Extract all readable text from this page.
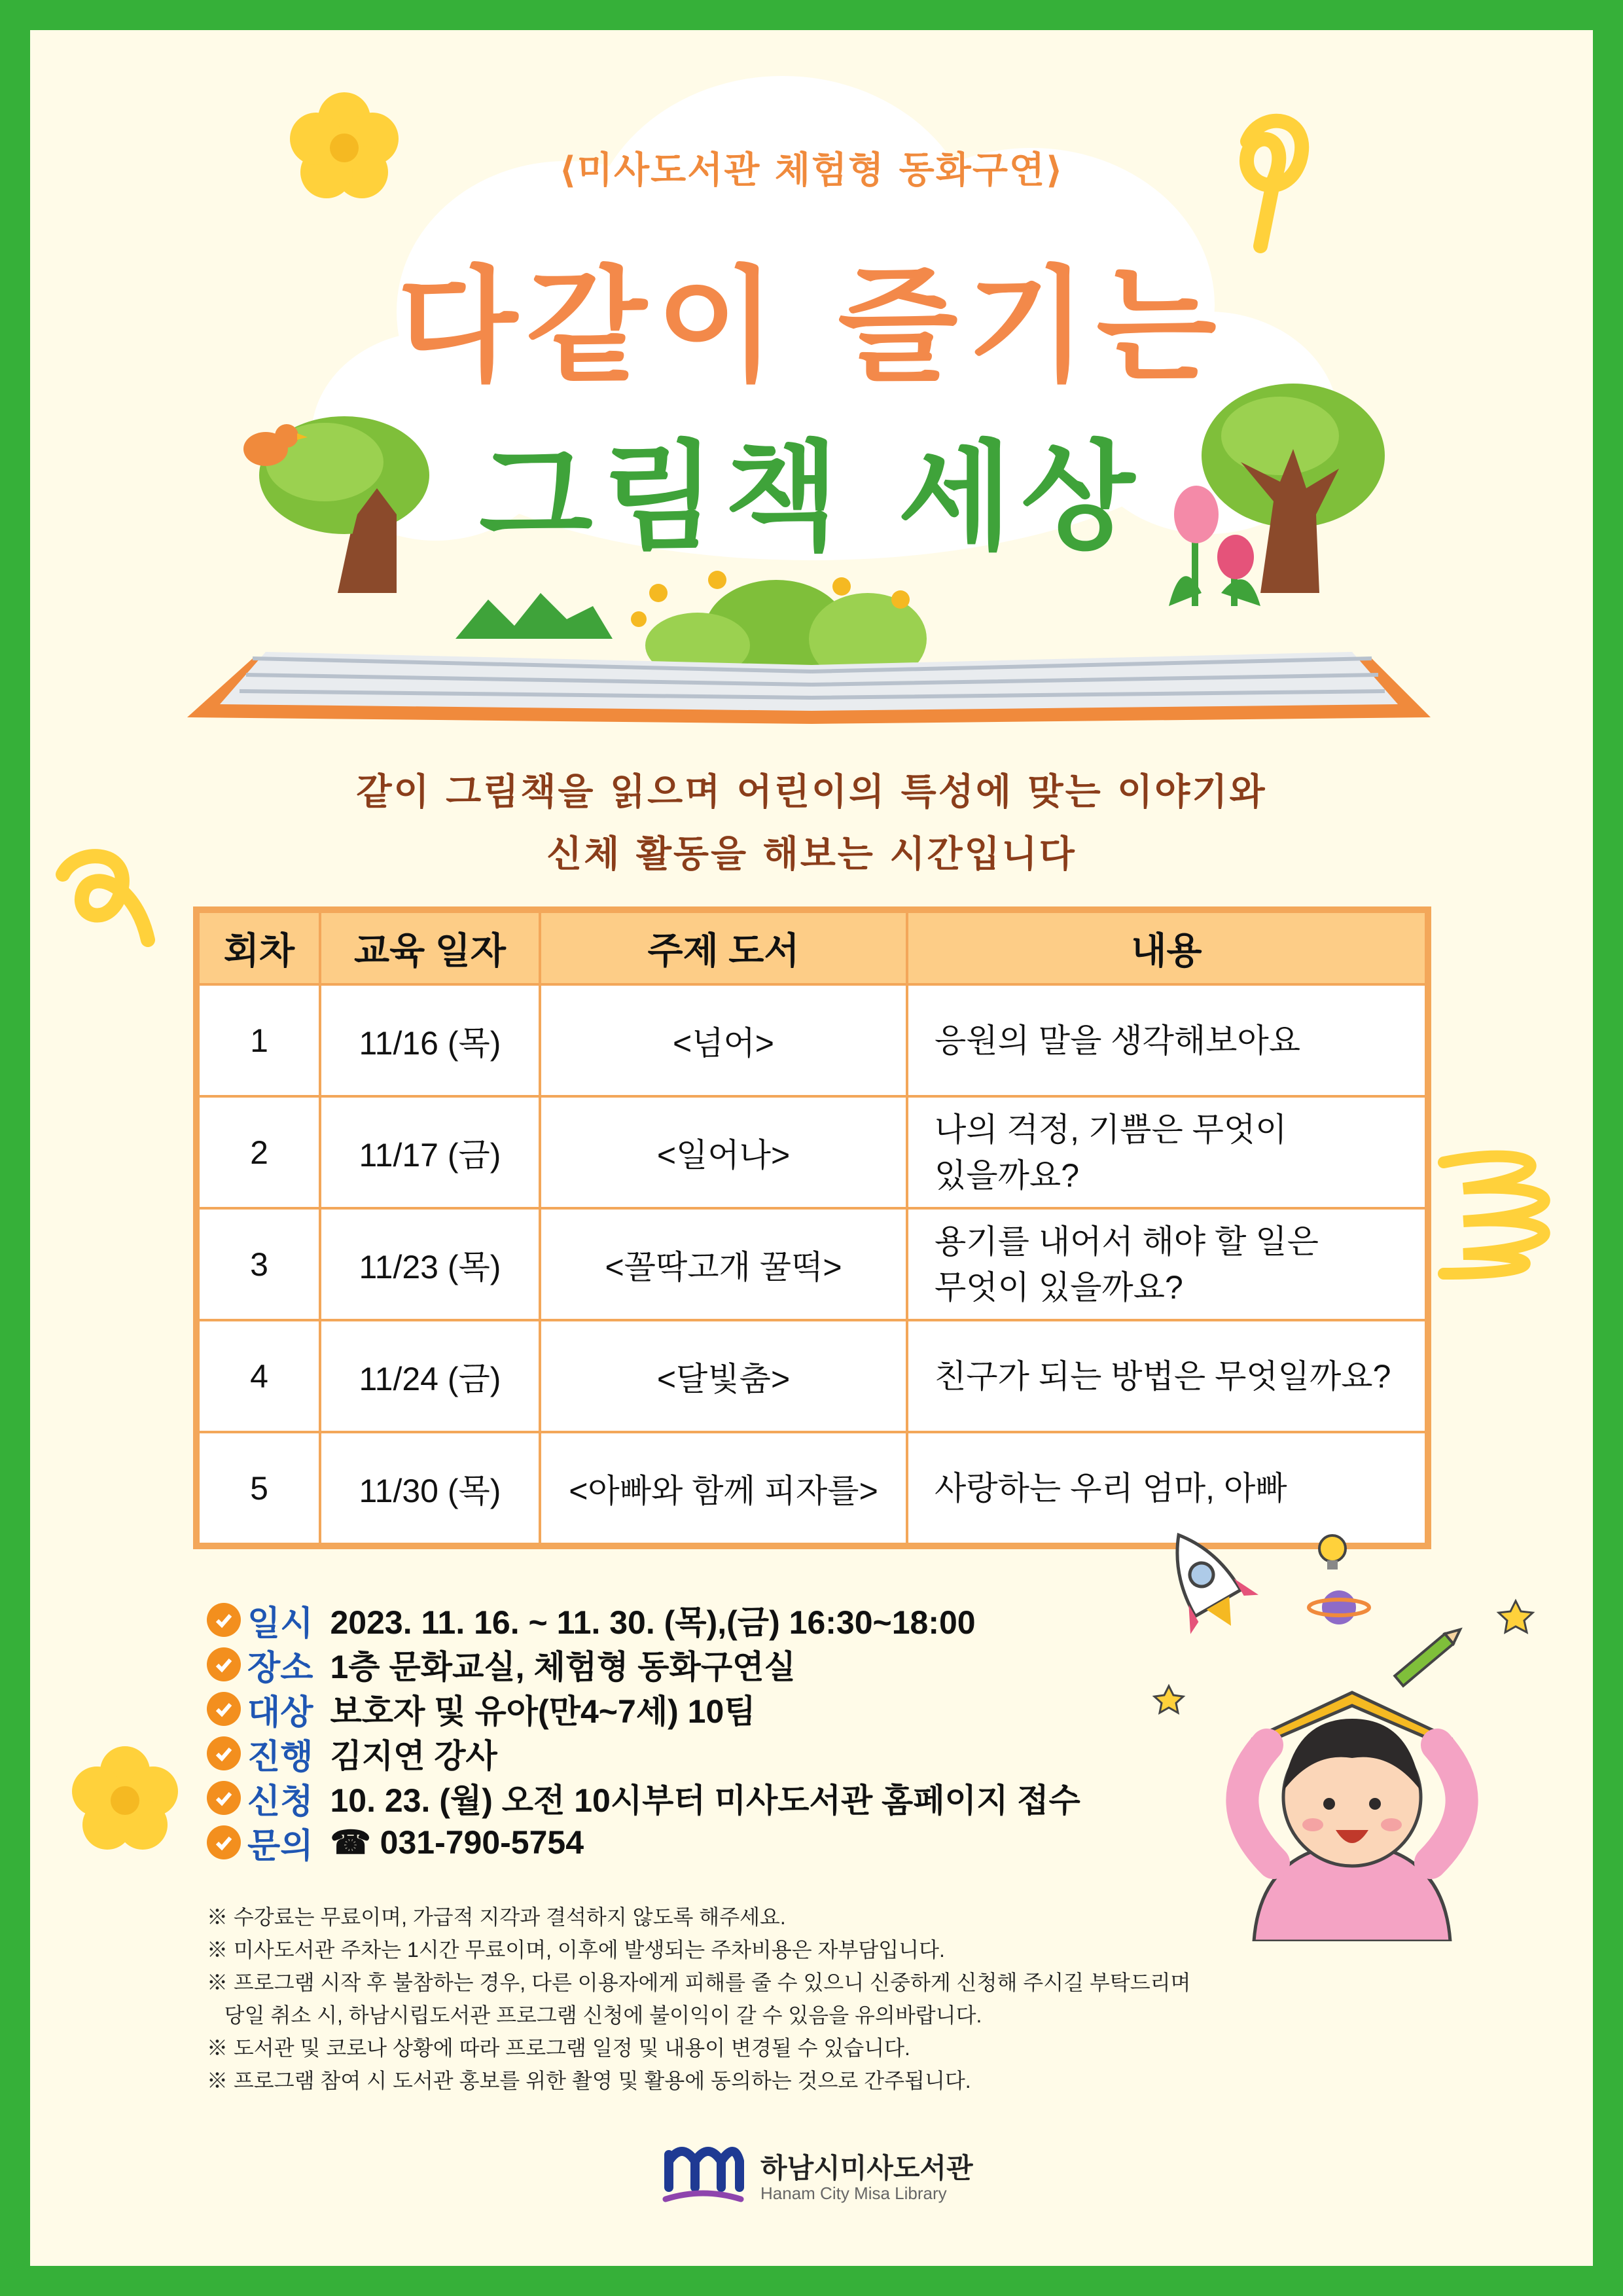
⟨미사도서관 체험형 동화구연⟩
다같이 즐기는
그림책 세상
같이 그림책을 읽으며 어린이의 특성에 맞는 이야기와
신체 활동을 해보는 시간입니다
회차	교육 일자	주제 도서	내용
1	11/16 (목)	<넘어>	응원의 말을 생각해보아요

2	11/17 (금)	<일어나>	나의 걱정, 기쁨은 무엇이
있을까요?
3	11/23 (목)	<꼴딱고개 꿀떡>	용기를 내어서 해야 할 일은
무엇이 있을까요?
4	11/24 (금)	<달빛춤>	친구가 되는 방법은 무엇일까요?

5	11/30 (목)	<아빠와 함께 피자를>	사랑하는 우리 엄마, 아빠

일시 2023. 11. 16. ~ 11. 30. (목),(금) 16:30~18:00
장소 1층 문화교실, 체험형 동화구연실
대상 보호자 및 유아(만4~7세) 10팀
진행 김지연 강사
신청 10. 23. (월) 오전 10시부터 미사도서관 홈페이지 접수
문의 ☎ 031-790-5754
※ 수강료는 무료이며, 가급적 지각과 결석하지 않도록 해주세요.
※ 미사도서관 주차는 1시간 무료이며, 이후에 발생되는 주차비용은 자부담입니다.
※ 프로그램 시작 후 불참하는 경우, 다른 이용자에게 피해를 줄 수 있으니 신중하게 신청해 주시길 부탁드리며
당일 취소 시, 하남시립도서관 프로그램 신청에 불이익이 갈 수 있음을 유의바랍니다.
※ 도서관 및 코로나 상황에 따라 프로그램 일정 및 내용이 변경될 수 있습니다.
※ 프로그램 참여 시 도서관 홍보를 위한 촬영 및 활용에 동의하는 것으로 간주됩니다.
하남시미사도서관
Hanam City Misa Library
